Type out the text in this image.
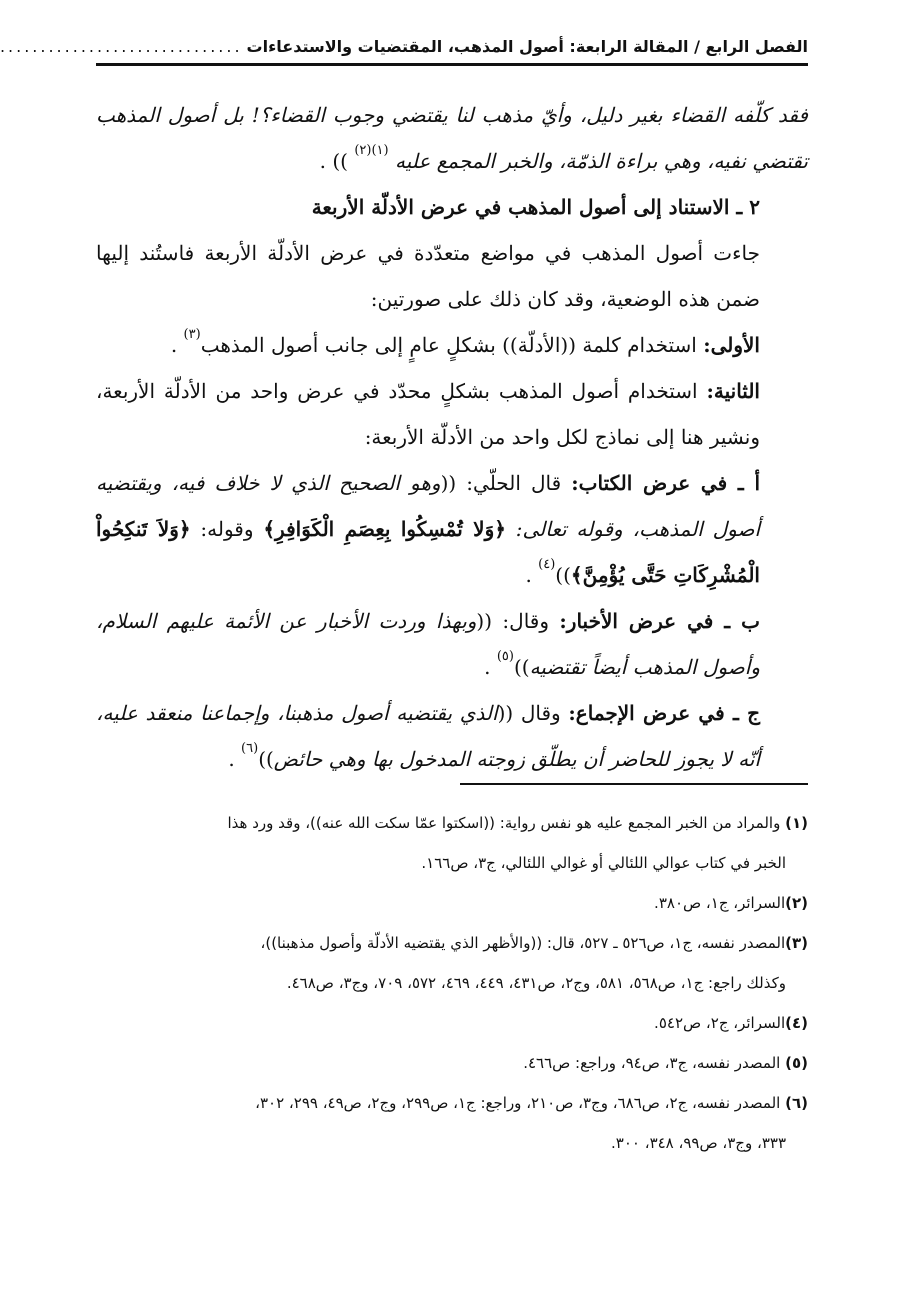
الفصل الرابع / المقالة الرابعة: أصول المذهب، المقتضيات والاستدعاءات
..............................

فقد كلّفه القضاء بغير دليل، وأيّ مذهب لنا يقتضي وجوب القضاء؟! بل أصول المذهب تقتضي نفيه، وهي براءة الذمّة، والخبر المجمع عليه $^{(١)(٢)}$ )) .

٢ ـ الاستناد إلى أصول المذهب في عرض الأدلّة الأربعة

جاءت أصول المذهب في مواضع متعدّدة في عرض الأدلّة الأربعة فاستُند إليها ضمن هذه الوضعية، وقد كان ذلك على صورتين:

الأولى: استخدام كلمة ((الأدلّة)) بشكلٍ عامٍ إلى جانب أصول المذهب$^{(٣)}$ .

الثانية: استخدام أصول المذهب بشكلٍ محدّد في عرض واحد من الأدلّة الأربعة، ونشير هنا إلى نماذج لكل واحد من الأدلّة الأربعة:

أ ـ في عرض الكتاب: قال الحلّي: ((وهو الصحيح الذي لا خلاف فيه، ويقتضيه أصول المذهب، وقوله تعالى: ﴿وَلا تُمْسِكُوا بِعِصَمِ الْكَوَافِرِ﴾ وقوله: ﴿وَلاَ تَنكِحُواْ الْمُشْرِكَاتِ حَتَّى يُؤْمِنَّ﴾))$^{(٤)}$ .

ب ـ في عرض الأخبار: وقال: ((وبهذا وردت الأخبار عن الأئمة عليهم السلام، وأصول المذهب أيضاً تقتضيه))$^{(٥)}$ .

ج ـ في عرض الإجماع: وقال ((الذي يقتضيه أصول مذهبنا، وإجماعنا منعقد عليه، أنّه لا يجوز للحاضر أن يطلّق زوجته المدخول بها وهي حائض))$^{(٦)}$ .

(١) والمراد من الخبر المجمع عليه هو نفس رواية: ((اسكتوا عمّا سكت الله عنه))، وقد ورد هذا
الخبر في كتاب عوالي اللئالي أو غوالي اللئالي، ج٣، ص١٦٦.
(٢)السرائر، ج١، ص٣٨٠.
(٣)المصدر نفسه، ج١، ص٥٢٦ ـ ٥٢٧، قال: ((والأظهر الذي يقتضيه الأدلّة وأصول مذهبنا))،
وكذلك راجع: ج١، ص٥٦٨، ٥٨١، وج٢، ص٤٣١، ٤٤٩، ٤٦٩، ٥٧٢، ٧٠٩، وج٣، ص٤٦٨.
(٤)السرائر، ج٢، ص٥٤٢.
(٥) المصدر نفسه، ج٣، ص٩٤، وراجع: ص٤٦٦.
(٦) المصدر نفسه، ج٢، ص٦٨٦، وج٣، ص٢١٠، وراجع: ج١، ص٢٩٩، وج٢، ص٤٩، ٢٩٩، ٣٠٢،
٣٣٣، وج٣، ص٩٩، ٣٤٨، ٣٠٠.
